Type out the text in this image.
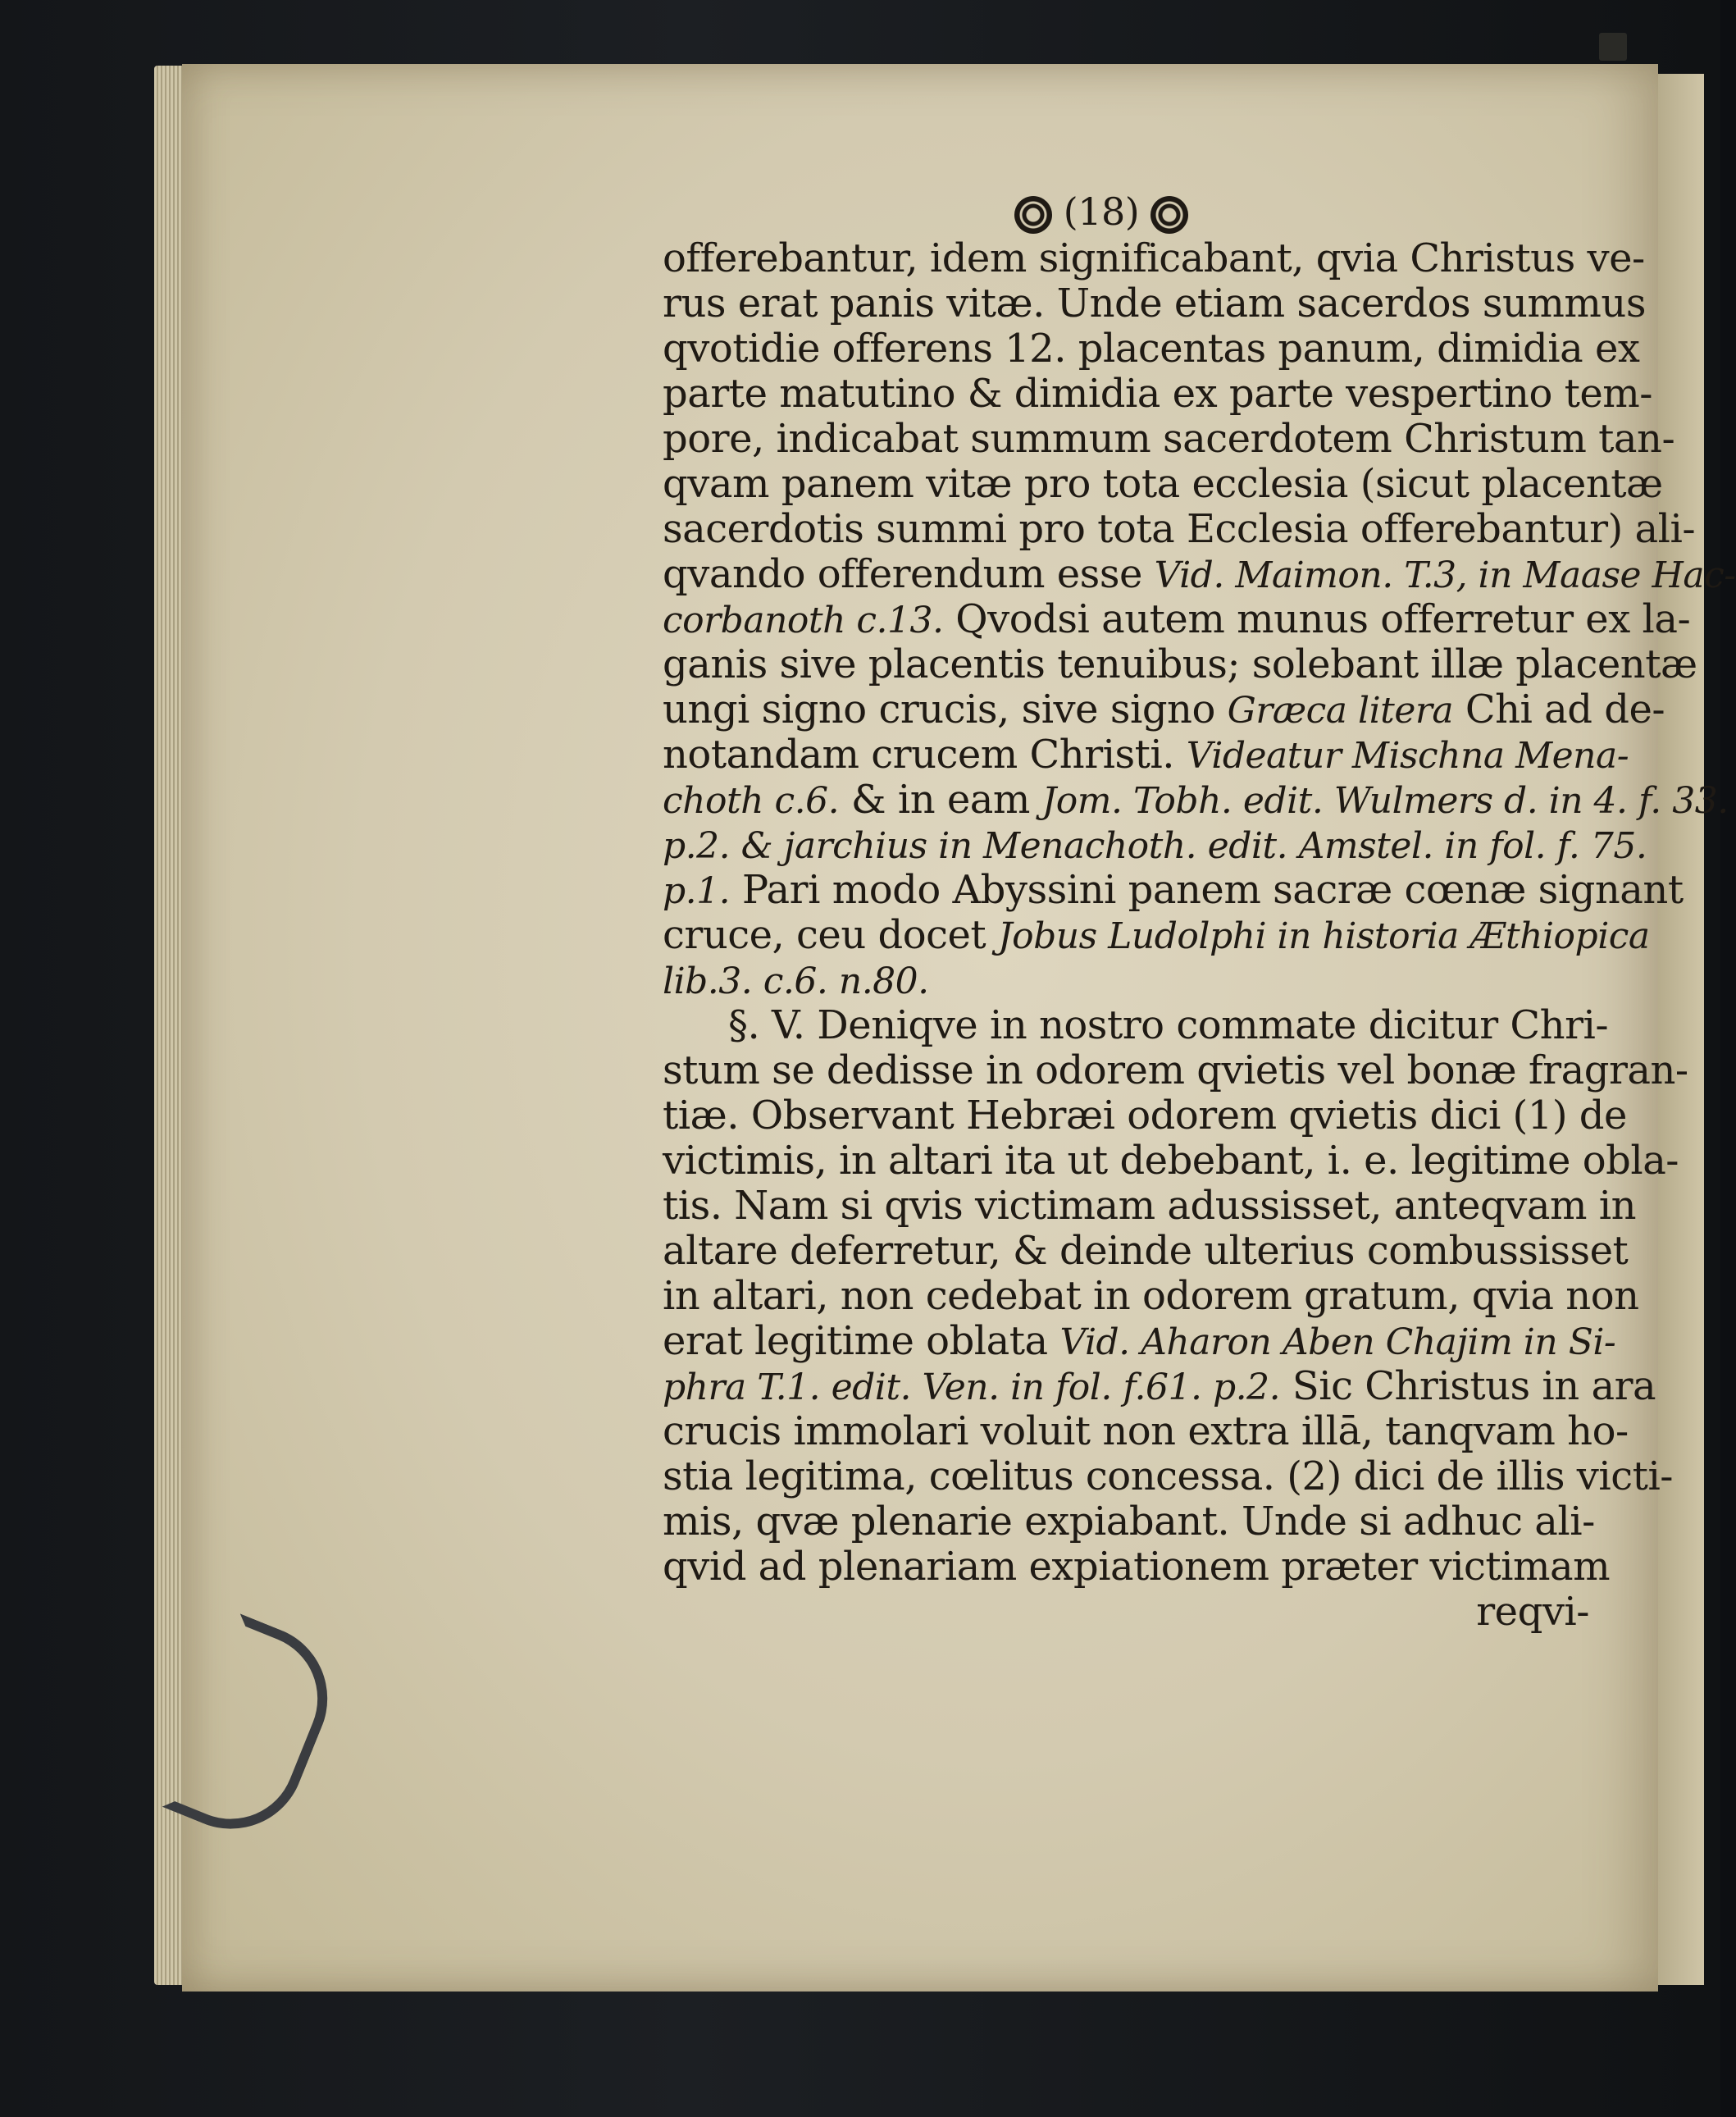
(18)
offerebantur, idem significabant, qvia Christus ve-
rus erat panis vitæ. Unde etiam sacerdos summus
qvotidie offerens 12. placentas panum, dimidia ex
parte matutino & dimidia ex parte vespertino tem-
pore, indicabat summum sacerdotem Christum tan-
qvam panem vitæ pro tota ecclesia (sicut placentæ
sacerdotis summi pro tota Ecclesia offerebantur) ali-
qvando offerendum esse Vid. Maimon. T.3, in Maase Hac-
corbanoth c.13. Qvodsi autem munus offerretur ex la-
ganis sive placentis tenuibus; solebant illæ placentæ
ungi signo crucis, sive signo Græca litera Chi ad de-
notandam crucem Christi. Videatur Mischna Mena-
choth c.6. & in eam Jom. Tobh. edit. Wulmers d. in 4. f. 33.
p.2. & jarchius in Menachoth. edit. Amstel. in fol. f. 75.
p.1. Pari modo Abyssini panem sacræ cœnæ signant
cruce, ceu docet Jobus Ludolphi in historia Æthiopica
lib.3. c.6. n.80.
§. V. Deniqve in nostro commate dicitur Chri-
stum se dedisse in odorem qvietis vel bonæ fragran-
tiæ. Observant Hebræi odorem qvietis dici (1) de
victimis, in altari ita ut debebant, i. e. legitime obla-
tis. Nam si qvis victimam adussisset, anteqvam in
altare deferretur, & deinde ulterius combussisset
in altari, non cedebat in odorem gratum, qvia non
erat legitime oblata Vid. Aharon Aben Chajim in Si-
phra T.1. edit. Ven. in fol. f.61. p.2. Sic Christus in ara
crucis immolari voluit non extra illā, tanqvam ho-
stia legitima, cœlitus concessa. (2) dici de illis victi-
mis, qvæ plenarie expiabant. Unde si adhuc ali-
qvid ad plenariam expiationem præter victimam
reqvi-
